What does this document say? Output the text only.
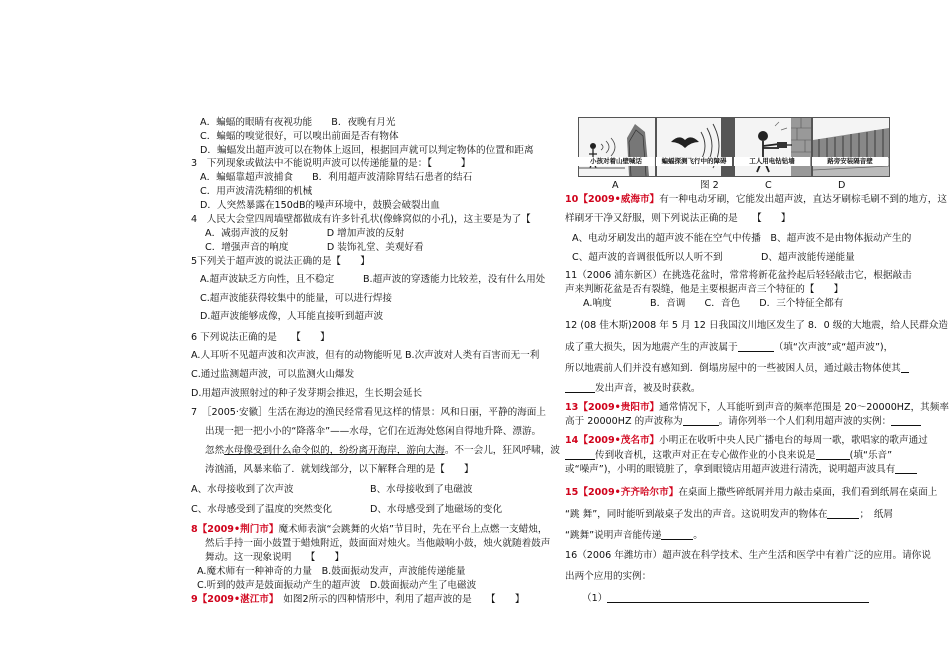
A．蝙蝠的眼睛有夜视功能　　B．夜晚有月光
C．蝙蝠的嗅觉很好，可以嗅出前面是否有物体
D．蝙蝠发出超声波可以在物体上返回，根据回声就可以判定物体的位置和距离
3　下列现象或做法中不能说明声波可以传递能量的是：【　　　】
A．蝙蝠靠超声波捕食　　B．利用超声波清除胃结石患者的结石
C．用声波清洗精细的机械
D．人突然暴露在150dB的噪声环境中，鼓膜会破裂出血
4　人民大会堂四周墙壁都做成有许多针孔状(像蜂窝似的小孔)，这主要是为了【
A．减弱声波的反射　　　　D 增加声波的反射
C．增强声音的响度　　　　D 装饰礼堂、美观好看
5下列关于超声波的说法正确的是【　　】
A.超声波缺乏方向性，且不稳定　　　B.超声波的穿透能力比较差，没有什么用处
C.超声波能获得较集中的能量，可以进行焊接
D.超声波能够成像，人耳能直接听到超声波
6 下列说法正确的是　　【　　】
A.人耳听不见超声波和次声波，但有的动物能听见 B.次声波对人类有百害而无一利
C.通过监测超声波，可以监测火山爆发
D.用超声波照射过的种子发芽期会推迟，生长期会延长
7　［2005·安徽］生活在海边的渔民经常看见这样的情景：风和日丽，平静的海面上
出现一把一把小小的“降落伞”——水母，它们在近海处悠闲自得地升降、漂游。
忽然水母像受到什么命令似的，纷纷离开海岸，游向大海。不一会儿，狂风呼啸，波
涛汹涌，风暴来临了．就划线部分，以下解释合理的是【　　】
A、水母接收到了次声波	B、水母接收到了电磁波
C、水母感受到了温度的突然变化	D、水母感受到了地磁场的变化
8【2009•荆门市】魔术师表演“会跳舞的火焰”节目时，先在平台上点燃一支蜡烛，
然后手持一面小鼓置于蜡烛附近，鼓面面对烛火。当他敲响小鼓，烛火就随着鼓声
舞动。这一现象说明　　【　　】
A.魔术师有一种神奇的力量　B.鼓面振动发声，声波能传递能量
C.听到的鼓声是鼓面振动产生的超声波　D.鼓面振动产生了电磁波
9【2009•湛江市】　如图2所示的四种情形中，利用了超声波的是　　【　　】
小孩对着山壁喊话	蝙蝠探测飞行中的障碍	工人用电钻钻墙	路旁安装隔音壁
A	图 2	C	D
10【2009•威海市】有一种电动牙刷，它能发出超声波，直达牙刷棕毛刷不到的地方，这
样刷牙干净又舒服，则下列说法正确的是　　【　　】
A、电动牙刷发出的超声波不能在空气中传播　B、超声波不是由物体振动产生的
C、超声波的音调很低所以人听不到　　　　D、超声波能传递能量
11（2006 浦东新区）在挑选花盆时，常常将新花盆拎起后轻轻敲击它，根据敲击
声来判断花盆是否有裂缝，他是主要根据声音三个特征的【　　】
A.响度　　　　B．音调　　C．音色　　D．三个特征全都有
12 (08 佳木斯)2008 年 5 月 12 日我国汶川地区发生了 8．0 级的大地震，给人民群众造
成了重大损失，因为地震产生的声波属于	（填“次声波”或“超声波”)，
所以地震前人们并没有感知到．倒塌房屋中的一些被困人员，通过敲击物体使其
发出声音，被及时获救。
13【2009•贵阳市】通常情况下，人耳能听到声音的频率范围是 20～20000HZ，其频率
高于 20000HZ 的声波称为	。请你列举一个人们利用超声波的实例：
14【2009•茂名市】小明正在收听中央人民广播电台的每周一歌，歌唱家的歌声通过
传到收音机，这歌声对正在专心做作业的小良来说是	(填“乐音”
或“噪声”)，小明的眼镜脏了，拿到眼镜店用超声波进行清洗，说明超声波具有
15【2009•齐齐哈尔市】在桌面上撒些碎纸屑并用力敲击桌面，我们看到纸屑在桌面上
“跳 舞”，同时能听到敲桌子发出的声音。这说明发声的物体在	；　纸屑
“跳舞”说明声音能传递	。
16（2006 年潍坊市）超声波在科学技术、生产生活和医学中有着广泛的应用。请你说
出两个应用的实例：
（1）
